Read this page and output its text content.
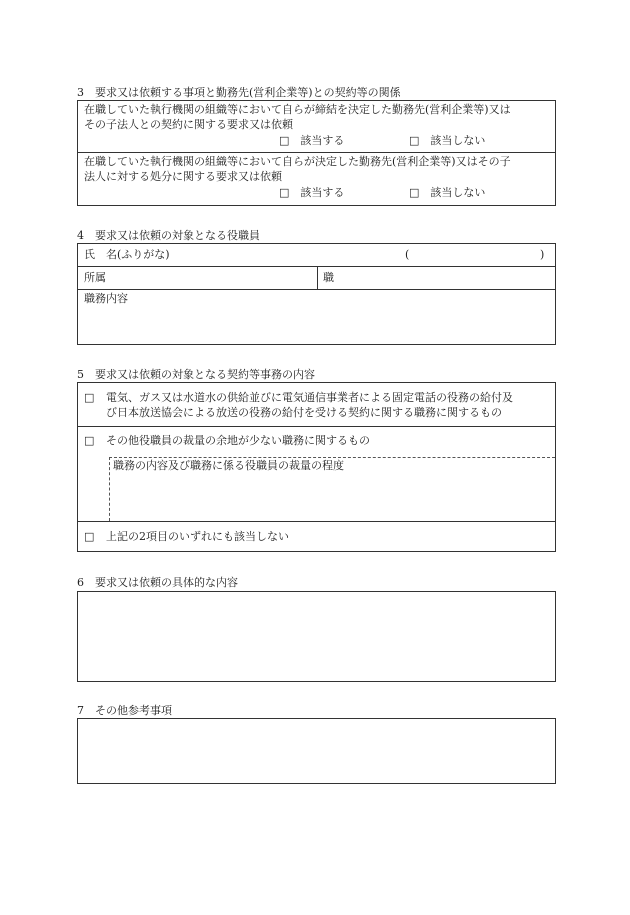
3　要求又は依頼する事項と勤務先(営利企業等)との契約等の関係
在職していた執行機関の組織等において自らが締結を決定した勤務先(営利企業等)又は
その子法人との契約に関する要求又は依頼
□　該当する	□　該当しない
在職していた執行機関の組織等において自らが決定した勤務先(営利企業等)又はその子
法人に対する処分に関する要求又は依頼
□　該当する	□　該当しない
4　要求又は依頼の対象となる役職員
氏　名(ふりがな)	(	)
所属	職
職務内容
5　要求又は依頼の対象となる契約等事務の内容
□ 電気、ガス又は水道水の供給並びに電気通信事業者による固定電話の役務の給付及
び日本放送協会による放送の役務の給付を受ける契約に関する職務に関するもの
□ その他役職員の裁量の余地が少ない職務に関するもの
職務の内容及び職務に係る役職員の裁量の程度
□ 上記の2項目のいずれにも該当しない
6　要求又は依頼の具体的な内容
7　その他参考事項
